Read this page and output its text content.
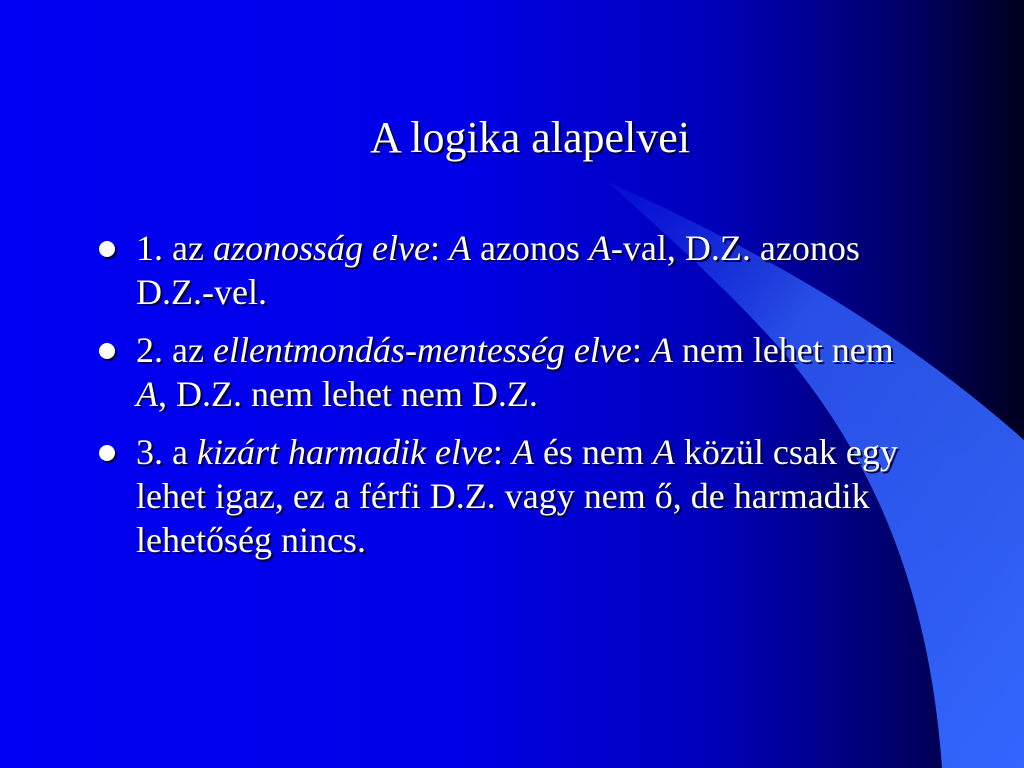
A logika alapelvei
1. az azonosság elve: A azonos A-val, D.Z. azonos D.Z.-vel.
2. az ellentmondás-mentesség elve: A nem lehet nem A, D.Z. nem lehet nem D.Z.
3. a kizárt harmadik elve: A és nem A közül csak egy lehet igaz, ez a férfi D.Z. vagy nem ő, de harmadik lehetőség nincs.
